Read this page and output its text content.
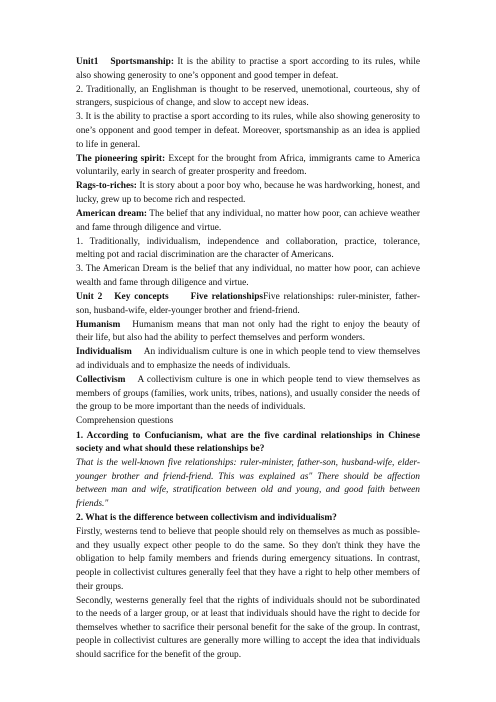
Unit1 Sportsmanship: It is the ability to practise a sport according to its rules, while also showing generosity to one’s opponent and good temper in defeat.

2. Traditionally, an Englishman is thought to be reserved, unemotional, courteous, shy of strangers, suspicious of change, and slow to accept new ideas.

3. It is the ability to practise a sport according to its rules, while also showing generosity to one’s opponent and good temper in defeat. Moreover, sportsmanship as an idea is applied to life in general.

The pioneering spirit: Except for the brought from Africa, immigrants came to America voluntarily, early in search of greater prosperity and freedom.

Rags-to-riches: It is story about a poor boy who, because he was hardworking, honest, and lucky, grew up to become rich and respected.

American dream: The belief that any individual, no matter how poor, can achieve weather and fame through diligence and virtue.

1. Traditionally, individualism, independence and collaboration, practice, tolerance, melting pot and racial discrimination are the character of Americans.

3. The American Dream is the belief that any individual, no matter how poor, can achieve wealth and fame through diligence and virtue.

Unit 2 Key concepts Five relationshipsFive relationships: ruler-minister, father-son, husband-wife, elder-younger brother and friend-friend.

Humanism Humanism means that man not only had the right to enjoy the beauty of their life, but also had the ability to perfect themselves and perform wonders.

Individualism An individualism culture is one in which people tend to view themselves ad individuals and to emphasize the needs of individuals.

Collectivism A collectivism culture is one in which people tend to view themselves as members of groups (families, work units, tribes, nations), and usually consider the needs of the group to be more important than the needs of individuals.

Comprehension questions

1. According to Confucianism, what are the five cardinal relationships in Chinese society and what should these relationships be?

That is the well-known five relationships: ruler-minister, father-son, husband-wife, elder-younger brother and friend-friend. This was explained as" There should be affection between man and wife, stratification between old and young, and good faith between friends."

2. What is the difference between collectivism and individualism?

Firstly, westerns tend to believe that people should rely on themselves as much as possible- and they usually expect other people to do the same. So they don't think they have the obligation to help family members and friends during emergency situations. In contrast, people in collectivist cultures generally feel that they have a right to help other members of their groups.

Secondly, westerns generally feel that the rights of individuals should not be subordinated to the needs of a larger group, or at least that individuals should have the right to decide for themselves whether to sacrifice their personal benefit for the sake of the group. In contrast, people in collectivist cultures are generally more willing to accept the idea that individuals should sacrifice for the benefit of the group.
